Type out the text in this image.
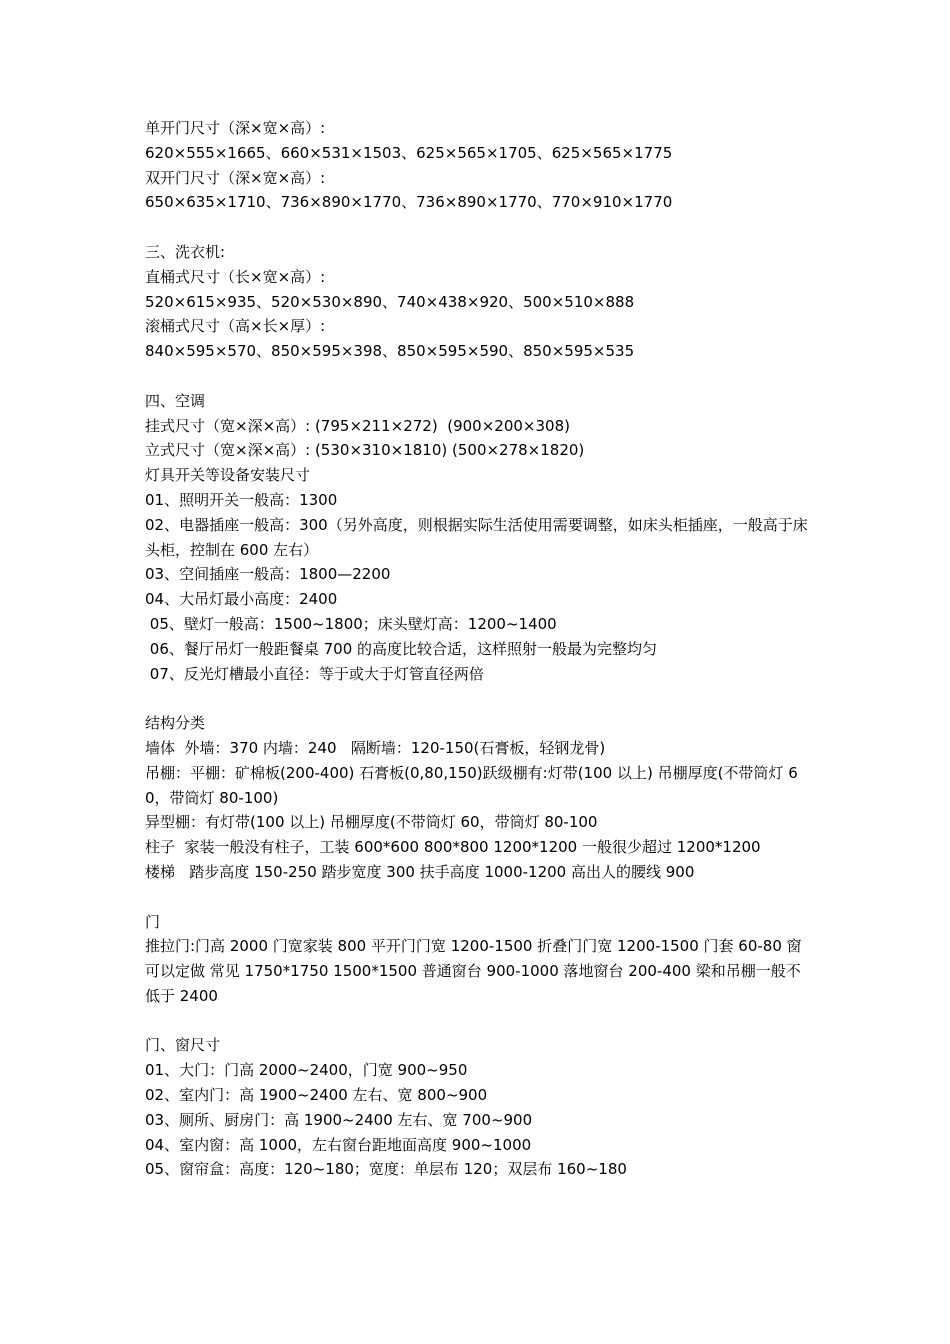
单开门尺寸（深×宽×高）:
620×555×1665、660×531×1503、625×565×1705、625×565×1775
双开门尺寸（深×宽×高）:
650×635×1710、736×890×1770、736×890×1770、770×910×1770
三、洗衣机:
直桶式尺寸（长×宽×高）:
520×615×935、520×530×890、740×438×920、500×510×888
滚桶式尺寸（高×长×厚）:
840×595×570、850×595×398、850×595×590、850×595×535
四、空调
挂式尺寸（宽×深×高）: (795×211×272)  (900×200×308)
立式尺寸（宽×深×高）: (530×310×1810) (500×278×1820)
灯具开关等设备安装尺寸
01、照明开关一般高：1300
02、电器插座一般高：300（另外高度，则根据实际生活使用需要调整，如床头柜插座，一般高于床头柜，控制在 600 左右）
03、空间插座一般高：1800—2200
04、大吊灯最小高度：2400
05、壁灯一般高：1500~1800；床头壁灯高：1200~1400
06、餐厅吊灯一般距餐桌 700 的高度比较合适，这样照射一般最为完整均匀
07、反光灯槽最小直径：等于或大于灯管直径两倍
结构分类
墙体  外墙：370 内墙：240   隔断墙：120-150(石膏板，轻钢龙骨)
吊棚：平棚：矿棉板(200-400) 石膏板(0,80,150)跃级棚有:灯带(100 以上) 吊棚厚度(不带筒灯 60，带筒灯 80-100)
异型棚：有灯带(100 以上) 吊棚厚度(不带筒灯 60，带筒灯 80-100
柱子  家装一般没有柱子，工装 600*600 800*800 1200*1200 一般很少超过 1200*1200
楼梯   踏步高度 150-250 踏步宽度 300 扶手高度 1000-1200 高出人的腰线 900
门
推拉门:门高 2000 门宽家装 800 平开门门宽 1200-1500 折叠门门宽 1200-1500 门套 60-80 窗  可以定做 常见 1750*1750 1500*1500 普通窗台 900-1000 落地窗台 200-400 梁和吊棚一般不低于 2400
门、窗尺寸
01、大门：门高 2000~2400，门宽 900~950
02、室内门：高 1900~2400 左右、宽 800~900
03、厕所、厨房门：高 1900~2400 左右、宽 700~900
04、室内窗：高 1000，左右窗台距地面高度 900~1000
05、窗帘盒：高度：120~180；宽度：单层布 120；双层布 160~180
